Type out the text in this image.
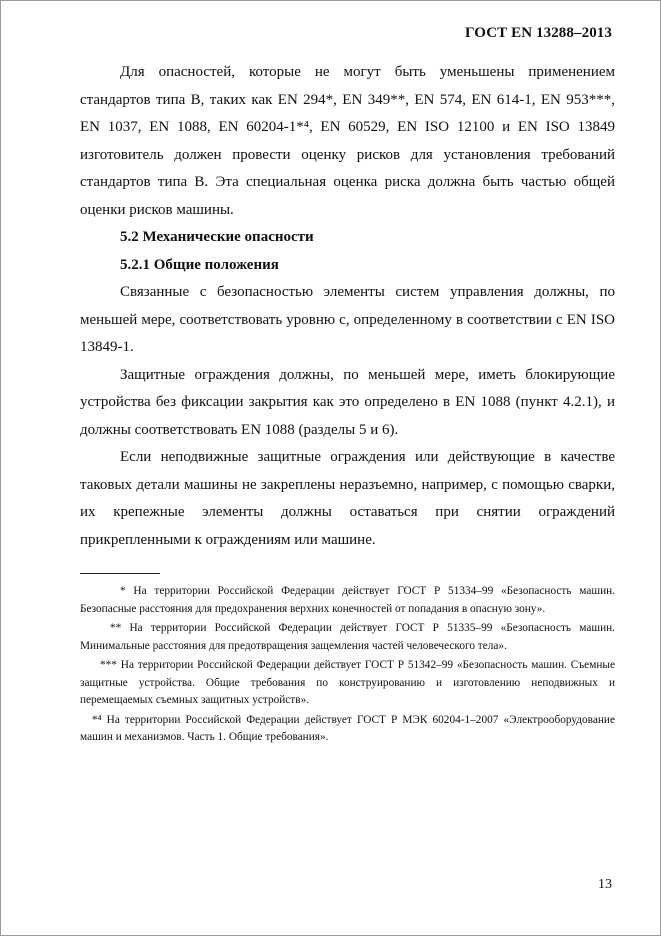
ГОСТ EN 13288–2013

Для опасностей, которые не могут быть уменьшены применением стандартов типа B, таких как EN 294*, EN 349**, EN 574, EN 614-1, EN 953***, EN 1037, EN 1088, EN 60204-1*⁴, EN 60529, EN ISO 12100 и EN ISO 13849 изготовитель должен провести оценку рисков для установления требований стандартов типа B. Эта специальная оценка риска должна быть частью общей оценки рисков машины.

5.2 Механические опасности

5.2.1 Общие положения

Связанные с безопасностью элементы систем управления должны, по меньшей мере, соответствовать уровню c, определенному в соответствии с EN ISO 13849-1.

Защитные ограждения должны, по меньшей мере, иметь блокирующие устройства без фиксации закрытия как это определено в EN 1088 (пункт 4.2.1), и должны соответствовать EN 1088 (разделы 5 и 6).

Если неподвижные защитные ограждения или действующие в качестве таковых детали машины не закреплены неразъемно, например, с помощью сварки, их крепежные элементы должны оставаться при снятии ограждений прикрепленными к ограждениям или машине.

* На территории Российской Федерации действует ГОСТ Р 51334–99 «Безопасность машин. Безопасные расстояния для предохранения верхних конечностей от попадания в опасную зону».

** На территории Российской Федерации действует ГОСТ Р 51335–99 «Безопасность машин. Минимальные расстояния для предотвращения защемления частей человеческого тела».

*** На территории Российской Федерации действует ГОСТ Р 51342–99 «Безопасность машин. Съемные защитные устройства. Общие требования по конструированию и изготовлению неподвижных и перемещаемых съемных защитных устройств».

*⁴ На территории Российской Федерации действует ГОСТ Р МЭК 60204-1–2007 «Электрооборудование машин и механизмов. Часть 1. Общие требования».

13
